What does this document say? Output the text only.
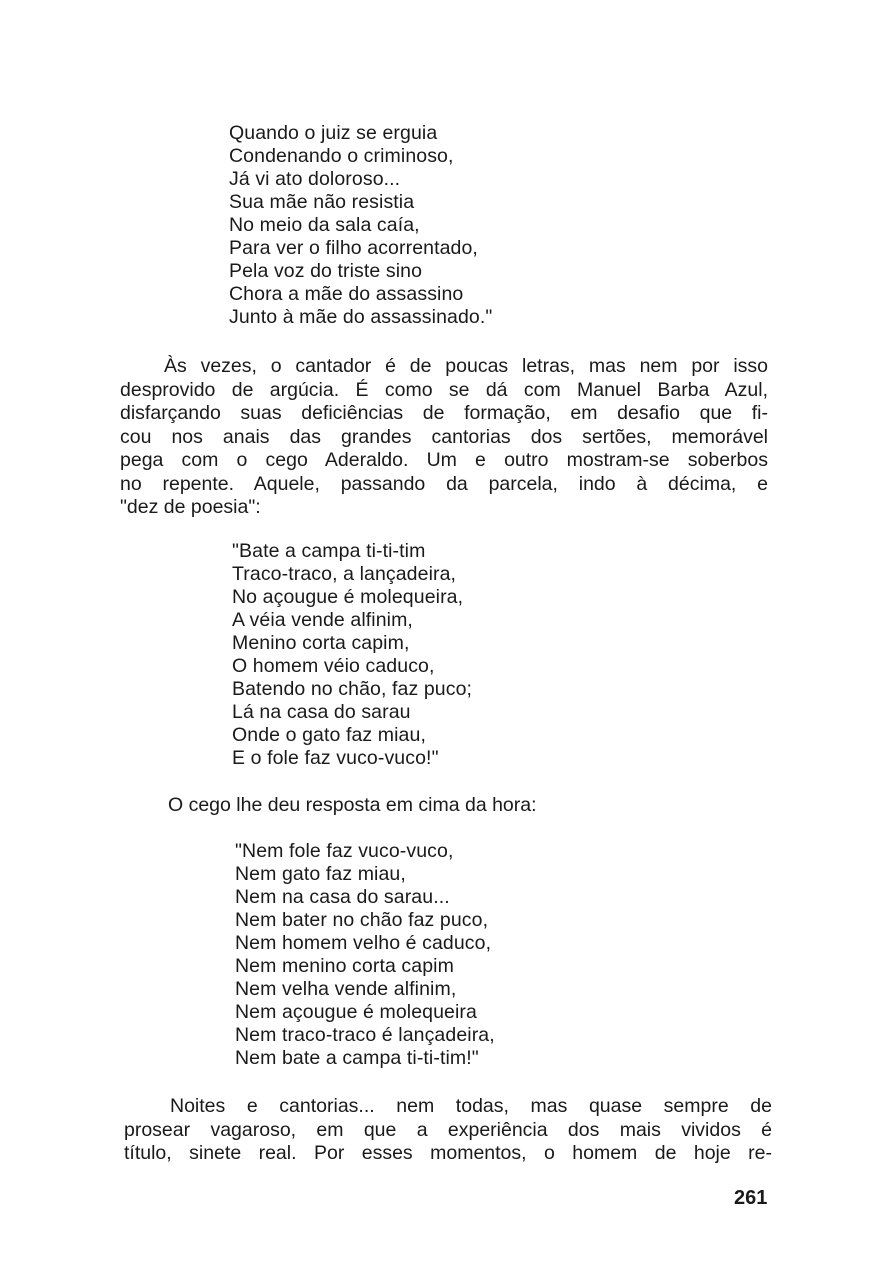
Quando o juiz se erguia
Condenando o criminoso,
Já vi ato doloroso...
Sua mãe não resistia
No meio da sala caía,
Para ver o filho acorrentado,
Pela voz do triste sino
Chora a mãe do assassino
Junto à mãe do assassinado."
Às vezes, o cantador é de poucas letras, mas nem por isso
desprovido de argúcia. É como se dá com Manuel Barba Azul,
disfarçando suas deficiências de formação, em desafio que fi-
cou nos anais das grandes cantorias dos sertões, memorável
pega com o cego Aderaldo. Um e outro mostram-se soberbos
no repente. Aquele, passando da parcela, indo à décima, e
"dez de poesia":
"Bate a campa ti-ti-tim
Traco-traco, a lançadeira,
No açougue é molequeira,
A véia vende alfinim,
Menino corta capim,
O homem véio caduco,
Batendo no chão, faz puco;
Lá na casa do sarau
Onde o gato faz miau,
E o fole faz vuco-vuco!"
O cego lhe deu resposta em cima da hora:
"Nem fole faz vuco-vuco,
Nem gato faz miau,
Nem na casa do sarau...
Nem bater no chão faz puco,
Nem homem velho é caduco,
Nem menino corta capim
Nem velha vende alfinim,
Nem açougue é molequeira
Nem traco-traco é lançadeira,
Nem bate a campa ti-ti-tim!"
Noites e cantorias... nem todas, mas quase sempre de
prosear vagaroso, em que a experiência dos mais vividos é
título, sinete real. Por esses momentos, o homem de hoje re-
261
